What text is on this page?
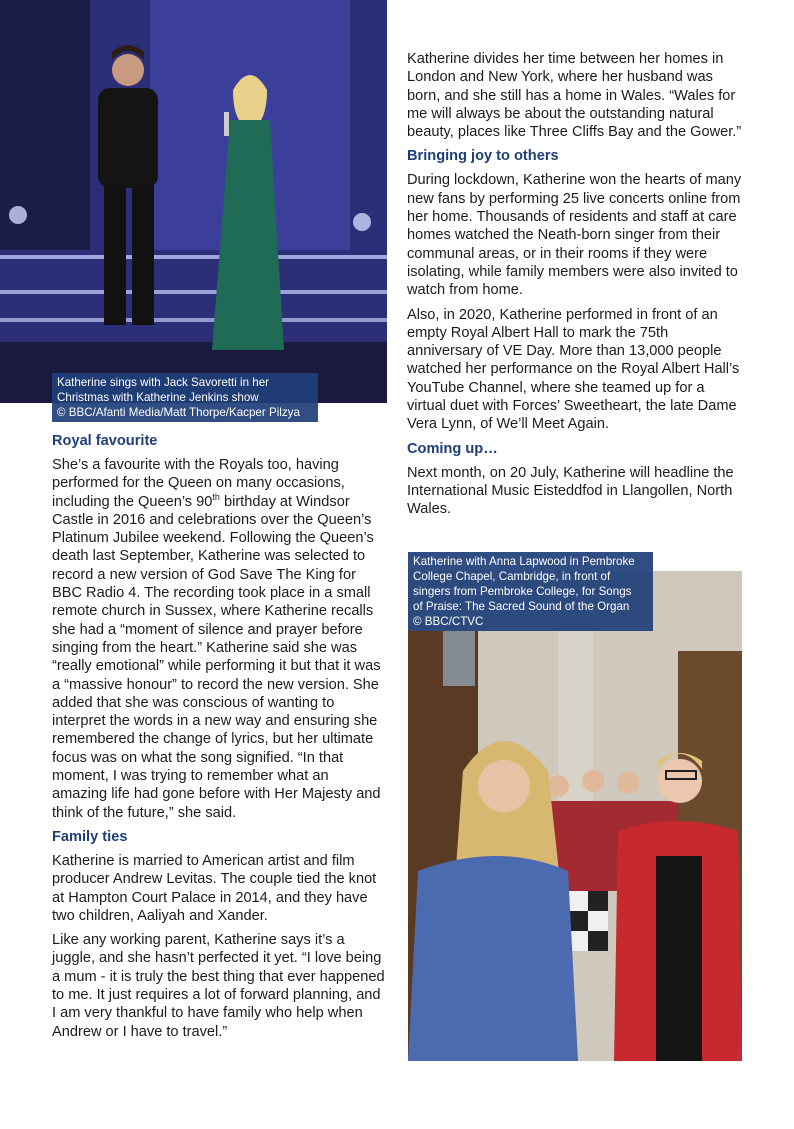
Katherine sings with Jack Savoretti in her
Christmas with Katherine Jenkins show
© BBC/Afanti Media/Matt Thorpe/Kacper Pilzya
Royal favourite

She’s a favourite with the Royals too, having performed for the Queen on many occasions, including the Queen’s 90th birthday at Windsor Castle in 2016 and celebrations over the Queen’s Platinum Jubilee weekend. Following the Queen’s death last September, Katherine was selected to record a new version of God Save The King for BBC Radio 4. The recording took place in a small remote church in Sussex, where Katherine recalls she had a “moment of silence and prayer before singing from the heart.” Katherine said she was “really emotional” while performing it but that it was a “massive honour” to record the new version. She added that she was conscious of wanting to interpret the words in a new way and ensuring she remembered the change of lyrics, but her ultimate focus was on what the song signified. “In that moment, I was trying to remember what an amazing life had gone before with Her Majesty and think of the future,” she said.

Family ties

Katherine is married to American artist and film producer Andrew Levitas. The couple tied the knot at Hampton Court Palace in 2014, and they have two children, Aaliyah and Xander.

Like any working parent, Katherine says it’s a juggle, and she hasn’t perfected it yet. “I love being a mum - it is truly the best thing that ever happened to me. It just requires a lot of forward planning, and I am very thankful to have family who help when Andrew or I have to travel.”

Katherine divides her time between her homes in London and New York, where her husband was born, and she still has a home in Wales. “Wales for me will always be about the outstanding natural beauty, places like Three Cliffs Bay and the Gower.”

Bringing joy to others

During lockdown, Katherine won the hearts of many new fans by performing 25 live concerts online from her home. Thousands of residents and staff at care homes watched the Neath-born singer from their communal areas, or in their rooms if they were isolating, while family members were also invited to watch from home.

Also, in 2020, Katherine performed in front of an empty Royal Albert Hall to mark the 75th anniversary of VE Day. More than 13,000 people watched her performance on the Royal Albert Hall’s YouTube Channel, where she teamed up for a virtual duet with Forces’ Sweetheart, the late Dame Vera Lynn, of We’ll Meet Again.

Coming up…

Next month, on 20 July, Katherine will headline the International Music Eisteddfod in Llangollen, North Wales.

Katherine with Anna Lapwood in Pembroke
College Chapel, Cambridge, in front of
singers from Pembroke College, for Songs
of Praise: The Sacred Sound of the Organ
© BBC/CTVC
